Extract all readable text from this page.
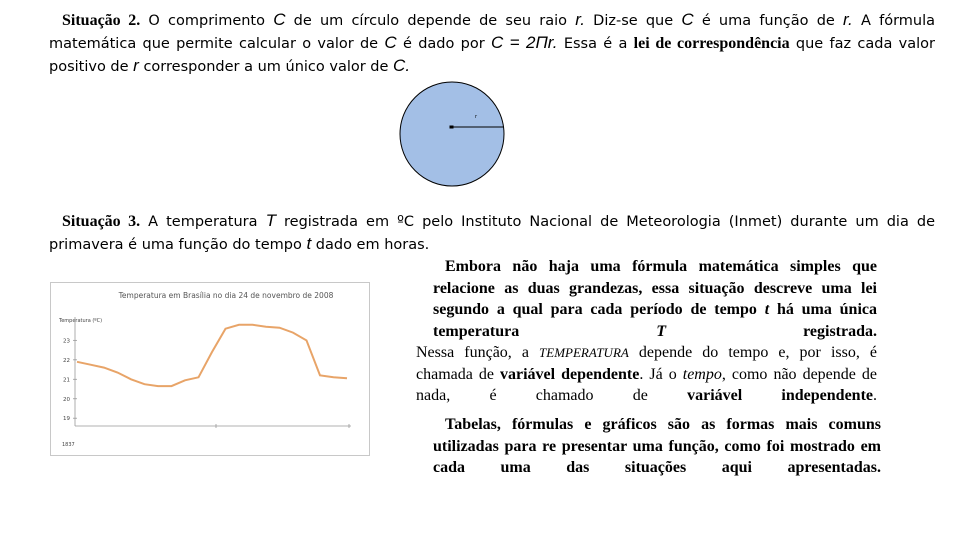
Situação 2. O comprimento C de um círculo depende de seu raio r. Diz-se que C é uma função de r. A fórmula matemática que permite calcular o valor de C é dado por C = 2Пr. Essa é a lei de correspondência que faz cada valor positivo de r corresponder a um único valor de C.
r
Situação 3. A temperatura T registrada em ºC pelo Instituto Nacional de Meteorologia (Inmet) durante um dia de primavera é uma função do tempo t dado em horas.
Temperatura em Brasília no dia 24 de novembro de 2008
Temperatura (ºC)
1837
23
22
21
20
19
Embora não haja uma fórmula matemática simples que relacione as duas grandezas, essa situação descreve uma lei segundo a qual para cada período de tempo t há uma única temperatura T registrada.
Nessa função, a TEMPERATURA depende do tempo e, por isso, é chamada de variável dependente. Já o tempo, como não depende de nada, é chamado de variável independente.
Tabelas, fórmulas e gráficos são as formas mais comuns utilizadas para re presentar uma função, como foi mostrado em cada uma das situações aqui apresentadas.
